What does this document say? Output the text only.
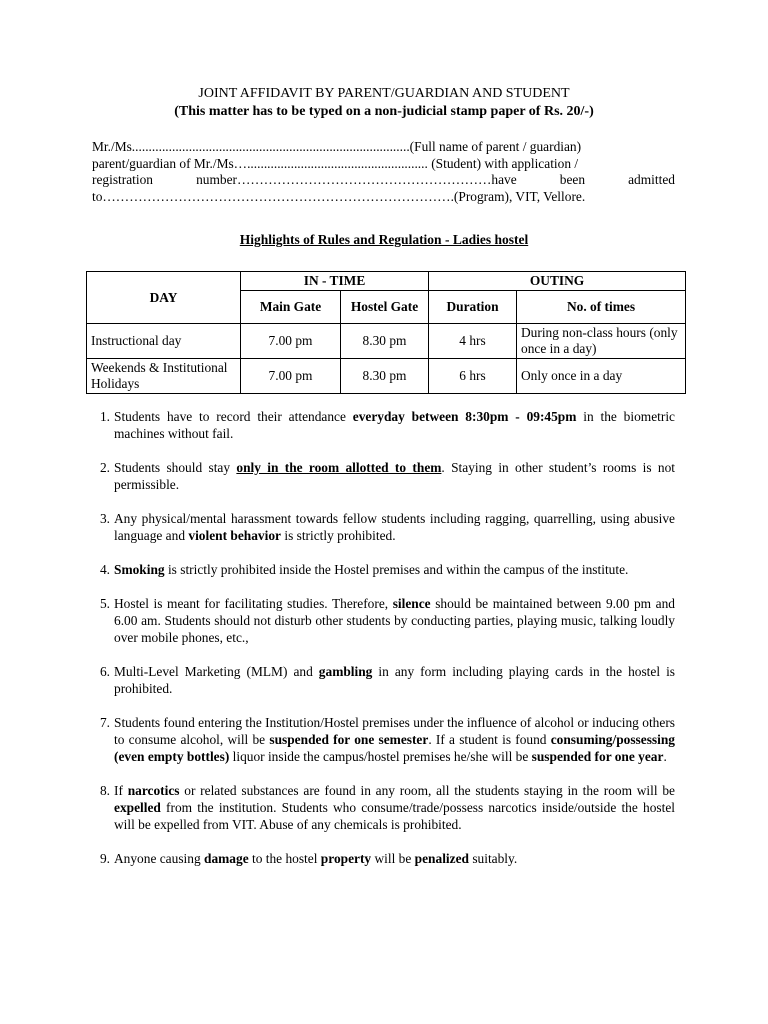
JOINT AFFIDAVIT BY PARENT/GUARDIAN AND STUDENT
(This matter has to be typed on a non-judicial stamp paper of Rs. 20/-)
Mr./Ms...................................................................................(Full name of parent / guardian)
parent/guardian of Mr./Ms…...................................................... (Student) with application /
registration	number…………………………………………………have	been	admitted
to…………………………………………………………………….(Program), VIT, Vellore.
Highlights of Rules and Regulation - Ladies hostel
DAY	IN - TIME		OUTING	
	Main Gate	Hostel Gate	Duration	No. of times
Instructional day	7.00 pm	8.30 pm	4 hrs	During non-class hours (only once in a day)
Weekends & Institutional Holidays	7.00 pm	8.30 pm	6 hrs	Only once in a day
1. Students have to record their attendance everyday between 8:30pm - 09:45pm in the biometric machines without fail.
2. Students should stay only in the room allotted to them. Staying in other student’s rooms is not permissible.
3. Any physical/mental harassment towards fellow students including ragging, quarrelling, using abusive language and violent behavior is strictly prohibited.
4. Smoking is strictly prohibited inside the Hostel premises and within the campus of the institute.
5. Hostel is meant for facilitating studies. Therefore, silence should be maintained between 9.00 pm and 6.00 am. Students should not disturb other students by conducting parties, playing music, talking loudly over mobile phones, etc.,
6. Multi-Level Marketing (MLM) and gambling in any form including playing cards in the hostel is prohibited.
7. Students found entering the Institution/Hostel premises under the influence of alcohol or inducing others to consume alcohol, will be suspended for one semester. If a student is found consuming/possessing (even empty bottles) liquor inside the campus/hostel premises he/she will be suspended for one year.
8. If narcotics or related substances are found in any room, all the students staying in the room will be expelled from the institution. Students who consume/trade/possess narcotics inside/outside the hostel will be expelled from VIT. Abuse of any chemicals is prohibited.
9. Anyone causing damage to the hostel property will be penalized suitably.
